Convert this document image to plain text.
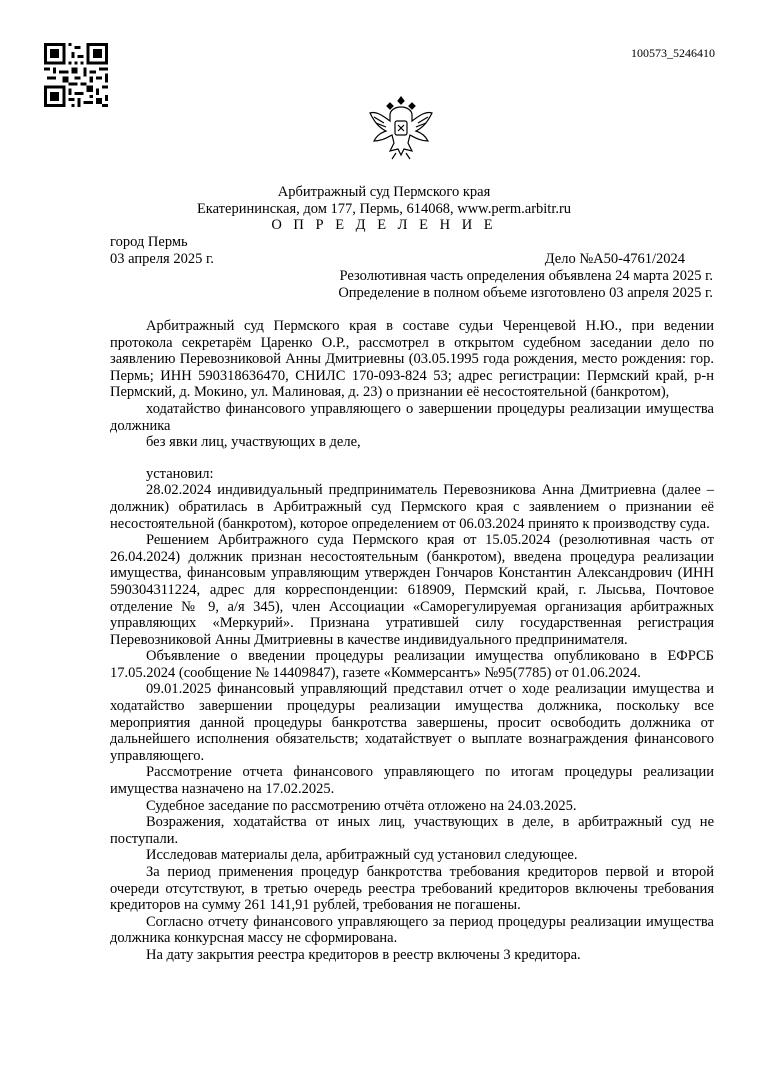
100573_5246410
Арбитражный суд Пермского края
Екатерининская, дом 177, Пермь, 614068, www.perm.arbitr.ru
О П Р Е Д Е Л Е Н И Е
город Пермь
03 апреля 2025 г.	Дело №А50-4761/2024
Резолютивная часть определения объявлена 24 марта 2025 г.
Определение в полном объеме изготовлено 03 апреля 2025 г.

Арбитражный суд Пермского края в составе судьи Черенцевой Н.Ю., при ведении протокола секретарём Царенко О.Р., рассмотрел в открытом судебном заседании дело по заявлению Перевозниковой Анны Дмитриевны (03.05.1995 года рождения, место рождения: гор. Пермь; ИНН 590318636470, СНИЛС 170-093-824 53; адрес регистрации: Пермский край, р-н Пермский, д. Мокино, ул. Малиновая, д. 23) о признании её несостоятельной (банкротом),

ходатайство финансового управляющего о завершении процедуры реализации имущества должника

без явки лиц, участвующих в деле,

установил:

28.02.2024 индивидуальный предприниматель Перевозникова Анна Дмитриевна (далее – должник) обратилась в Арбитражный суд Пермского края с заявлением о признании её несостоятельной (банкротом), которое определением от 06.03.2024 принято к производству суда.

Решением Арбитражного суда Пермского края от 15.05.2024 (резолютивная часть от 26.04.2024) должник признан несостоятельным (банкротом), введена процедура реализации имущества, финансовым управляющим утвержден Гончаров Константин Александрович (ИНН 590304311224, адрес для корреспонденции: 618909, Пермский край, г. Лысьва, Почтовое отделение № 9, а/я 345), член Ассоциации «Саморегулируемая организация арбитражных управляющих «Меркурий». Признана утратившей силу государственная регистрация Перевозниковой Анны Дмитриевны в качестве индивидуального предпринимателя.

Объявление о введении процедуры реализации имущества опубликовано в ЕФРСБ 17.05.2024 (сообщение № 14409847), газете «Коммерсантъ» №95(7785) от 01.06.2024.

09.01.2025 финансовый управляющий представил отчет о ходе реализации имущества и ходатайство завершении процедуры реализации имущества должника, поскольку все мероприятия данной процедуры банкротства завершены, просит освободить должника от дальнейшего исполнения обязательств; ходатайствует о выплате вознаграждения финансового управляющего.

Рассмотрение отчета финансового управляющего по итогам процедуры реализации имущества назначено на 17.02.2025.

Судебное заседание по рассмотрению отчёта отложено на 24.03.2025.

Возражения, ходатайства от иных лиц, участвующих в деле, в арбитражный суд не поступали.

Исследовав материалы дела, арбитражный суд установил следующее.

За период применения процедур банкротства требования кредиторов первой и второй очереди отсутствуют, в третью очередь реестра требований кредиторов включены требования кредиторов на сумму 261 141,91 рублей, требования не погашены.

Согласно отчету финансового управляющего за период процедуры реализации имущества должника конкурсная массу не сформирована.

На дату закрытия реестра кредиторов в реестр включены 3 кредитора.
